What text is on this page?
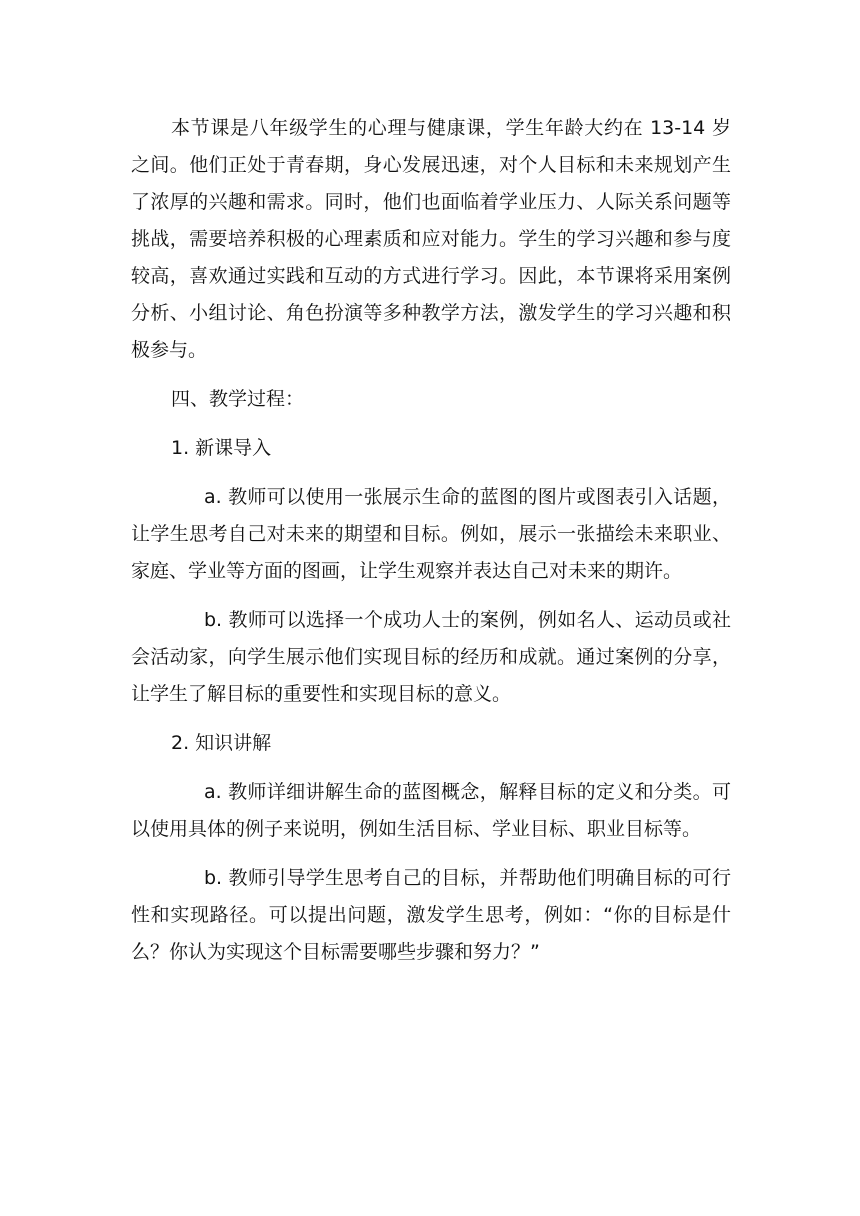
本节课是八年级学生的心理与健康课，学生年龄大约在 13-14 岁之间。他们正处于青春期，身心发展迅速，对个人目标和未来规划产生了浓厚的兴趣和需求。同时，他们也面临着学业压力、人际关系问题等挑战，需要培养积极的心理素质和应对能力。学生的学习兴趣和参与度较高，喜欢通过实践和互动的方式进行学习。因此，本节课将采用案例分析、小组讨论、角色扮演等多种教学方法，激发学生的学习兴趣和积极参与。

四、教学过程：

1. 新课导入

a. 教师可以使用一张展示生命的蓝图的图片或图表引入话题，让学生思考自己对未来的期望和目标。例如，展示一张描绘未来职业、家庭、学业等方面的图画，让学生观察并表达自己对未来的期许。

b. 教师可以选择一个成功人士的案例，例如名人、运动员或社会活动家，向学生展示他们实现目标的经历和成就。通过案例的分享，让学生了解目标的重要性和实现目标的意义。

2. 知识讲解

a. 教师详细讲解生命的蓝图概念，解释目标的定义和分类。可以使用具体的例子来说明，例如生活目标、学业目标、职业目标等。

b. 教师引导学生思考自己的目标，并帮助他们明确目标的可行性和实现路径。可以提出问题，激发学生思考，例如：“你的目标是什么？你认为实现这个目标需要哪些步骤和努力？”
